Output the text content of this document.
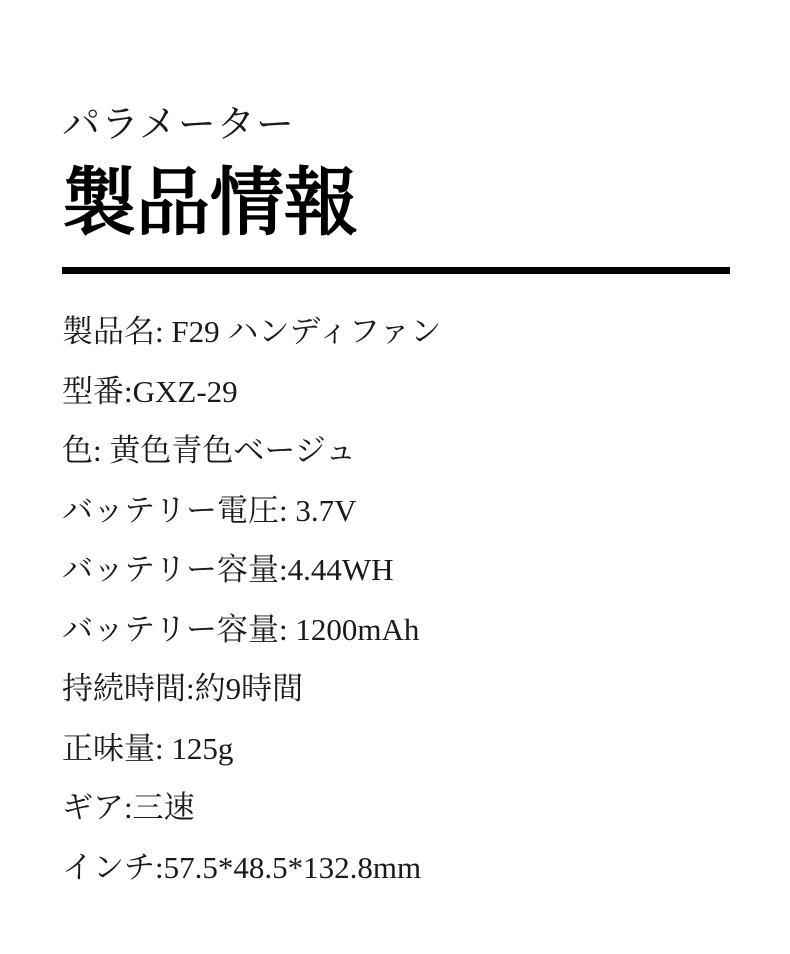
パラメーター
製品情報
製品名: F29 ハンディファン
型番:GXZ-29
色: 黄色青色ベージュ
バッテリー電圧: 3.7V
バッテリー容量:4.44WH
バッテリー容量: 1200mAh
持続時間:約9時間
正味量: 125g
ギア:三速
インチ:57.5*48.5*132.8mm
